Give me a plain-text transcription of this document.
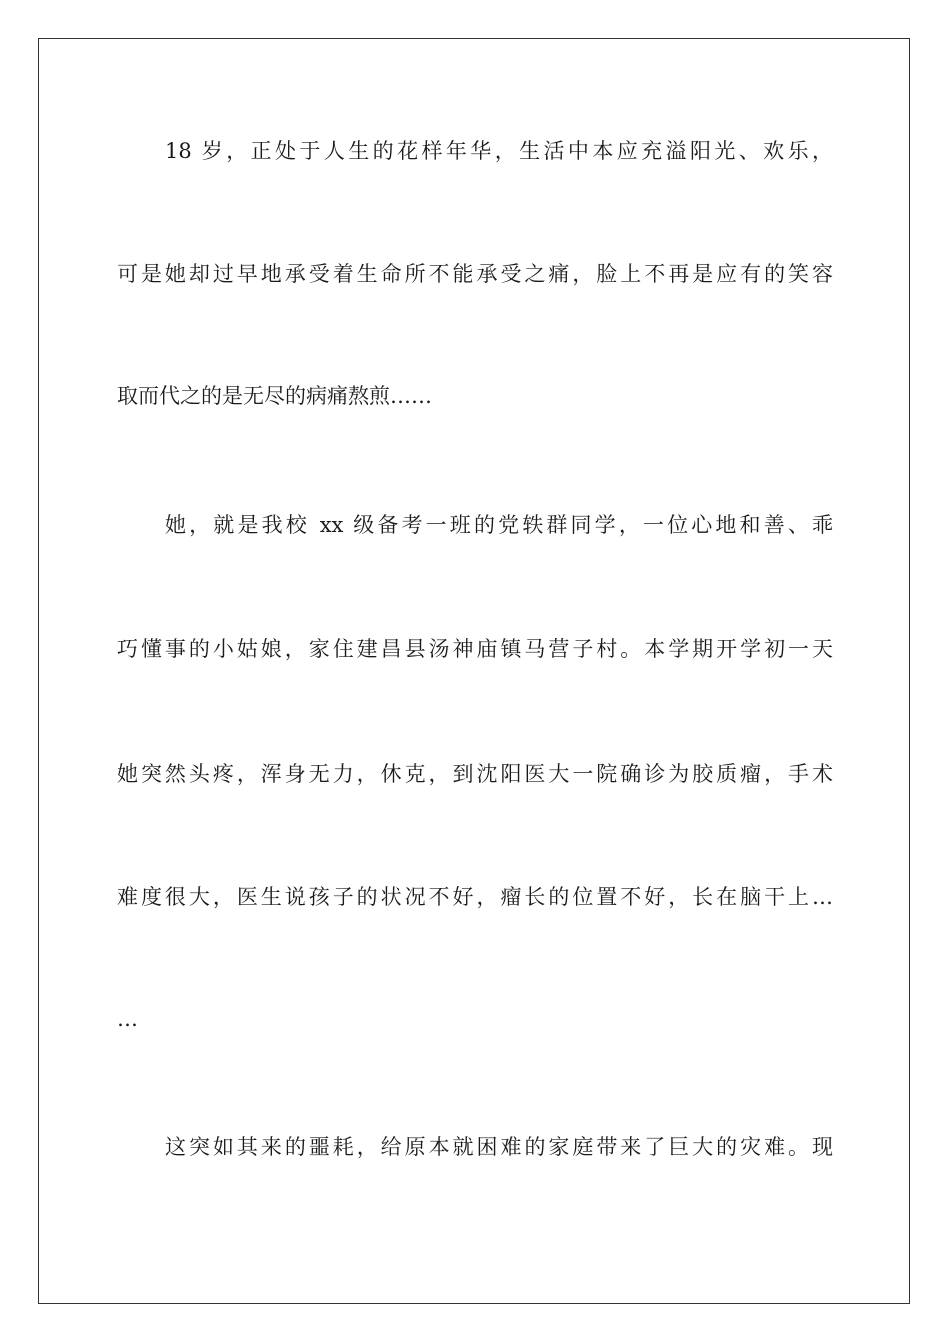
18 岁，正处于人生的花样年华，生活中本应充溢阳光、欢乐，
可是她却过早地承受着生命所不能承受之痛，脸上不再是应有的笑容
取而代之的是无尽的病痛熬煎……
她，就是我校 xx 级备考一班的党轶群同学，一位心地和善、乖
巧懂事的小姑娘，家住建昌县汤神庙镇马营子村。本学期开学初一天
她突然头疼，浑身无力，休克，到沈阳医大一院确诊为胶质瘤，手术
难度很大，医生说孩子的状况不好，瘤长的位置不好，长在脑干上…
…
这突如其来的噩耗，给原本就困难的家庭带来了巨大的灾难。现
